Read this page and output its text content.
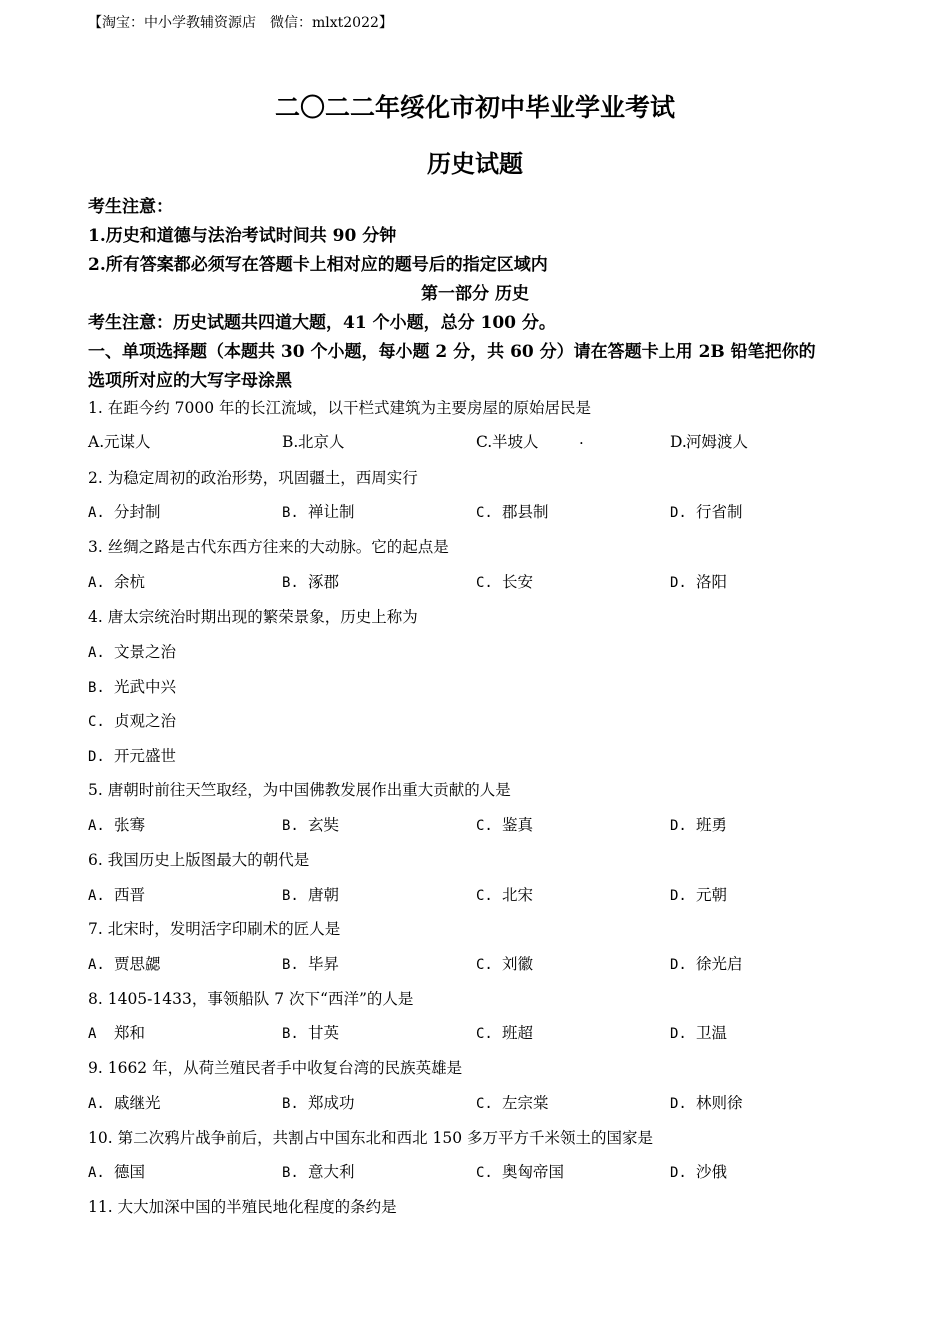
【淘宝：中小学教辅资源店　微信：mlxt2022】
二〇二二年绥化市初中毕业学业考试
历史试题
考生注意：
1.历史和道德与法治考试时间共 90 分钟
2.所有答案都必须写在答题卡上相对应的题号后的指定区域内
第一部分 历史
考生注意：历史试题共四道大题，41 个小题，总分 100 分。
一、单项选择题（本题共 30 个小题，每小题 2 分，共 60 分）请在答题卡上用 2B 铅笔把你的
选项所对应的大写字母涂黑
1. 在距今约 7000 年的长江流域，以干栏式建筑为主要房屋的原始居民是
A.元谋人	B.北京人	C.半坡人	.	D.河姆渡人
2. 为稳定周初的政治形势，巩固疆土，西周实行
A. 分封制	B. 禅让制	C. 郡县制	D. 行省制
3. 丝绸之路是古代东西方往来的大动脉。它的起点是
A. 余杭	B. 涿郡	C. 长安	D. 洛阳
4. 唐太宗统治时期出现的繁荣景象，历史上称为
A. 文景之治
B. 光武中兴
C. 贞观之治
D. 开元盛世
5. 唐朝时前往天竺取经，为中国佛教发展作出重大贡献的人是
A. 张骞	B. 玄奘	C. 鉴真	D. 班勇
6. 我国历史上版图最大的朝代是
A. 西晋	B. 唐朝	C. 北宋	D. 元朝
7. 北宋时，发明活字印刷术的匠人是
A. 贾思勰	B. 毕昇	C. 刘徽	D. 徐光启
8. 1405-1433，事领船队 7 次下“西洋”的人是
A 郑和	B. 甘英	C. 班超	D. 卫温
9. 1662 年，从荷兰殖民者手中收复台湾的民族英雄是
A. 戚继光	B. 郑成功	C. 左宗棠	D. 林则徐
10. 第二次鸦片战争前后，共割占中国东北和西北 150 多万平方千米领土的国家是
A. 德国	B. 意大利	C. 奥匈帝国	D. 沙俄
11. 大大加深中国的半殖民地化程度的条约是
